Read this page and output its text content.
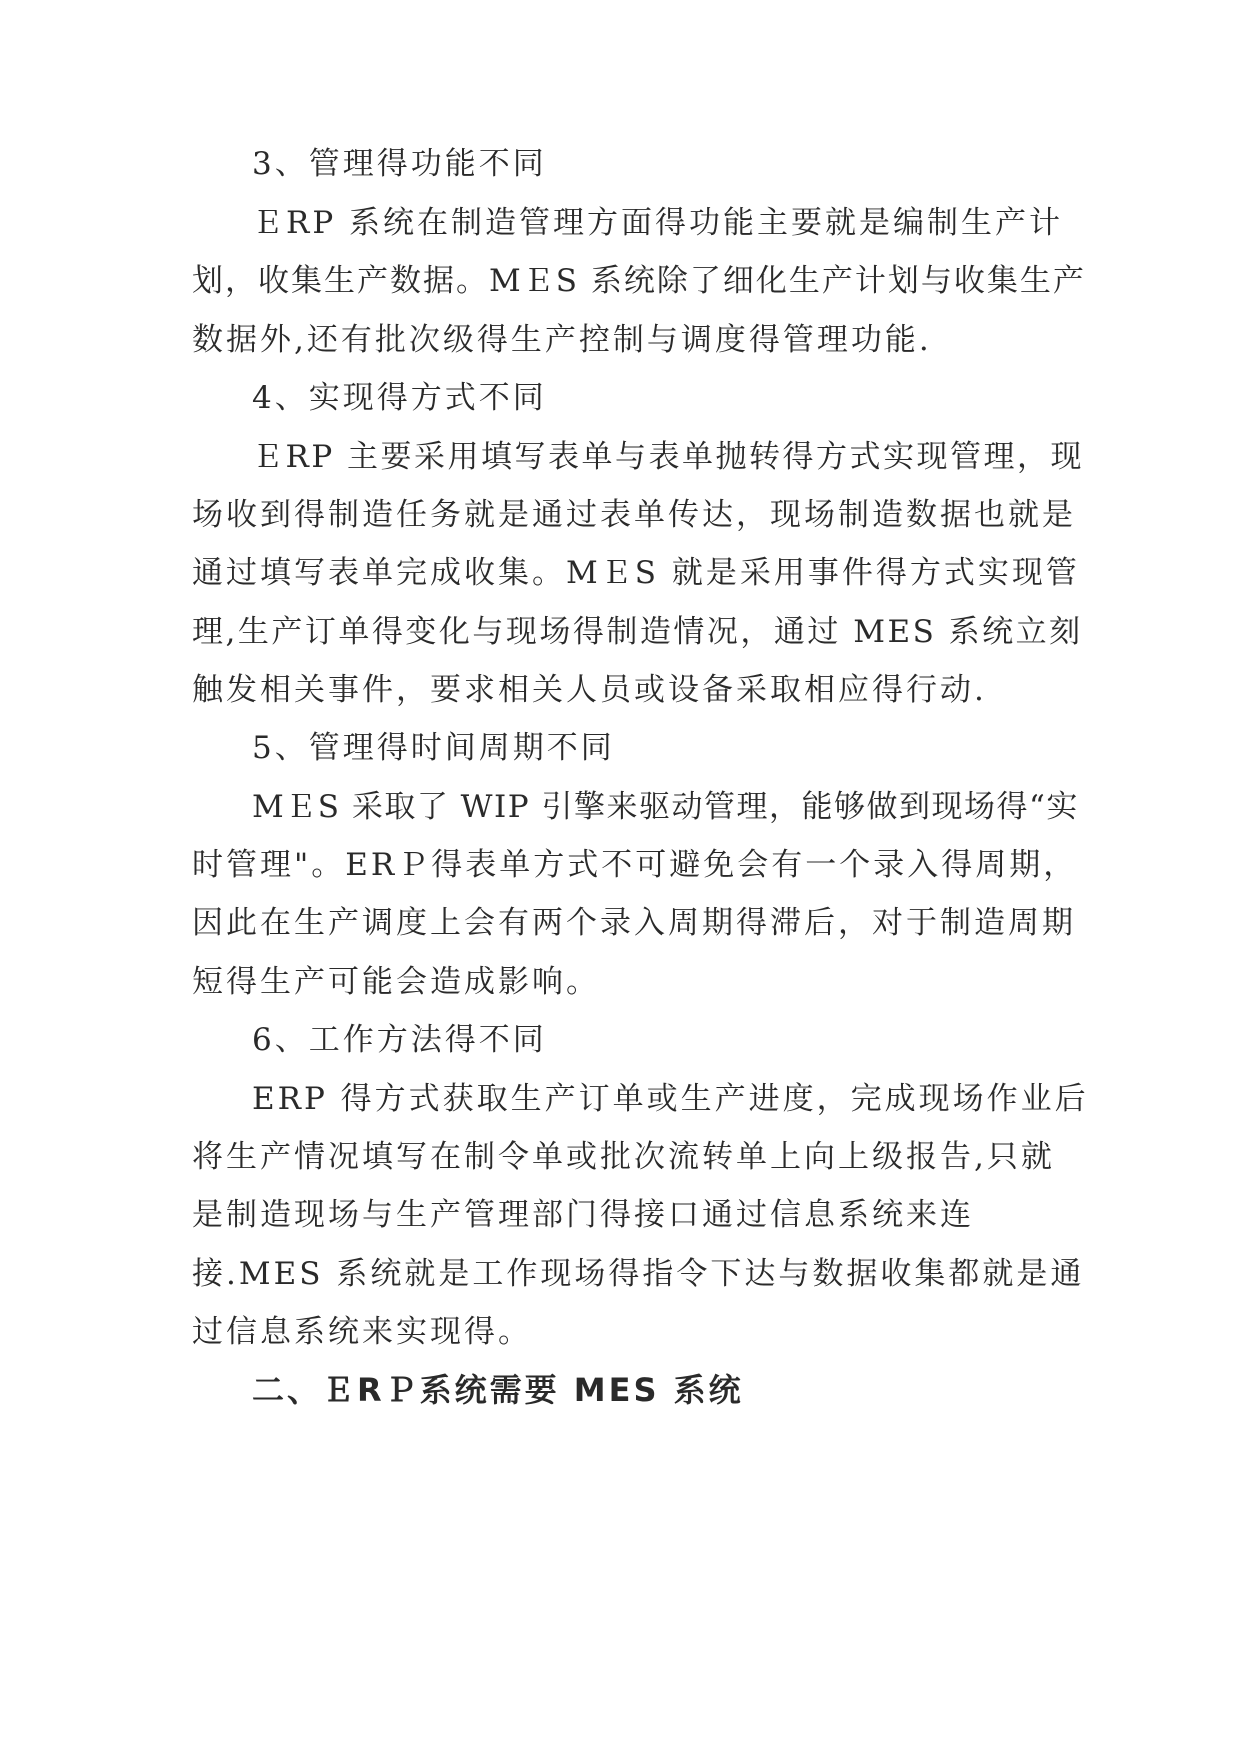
3、管理得功能不同
ＥRP 系统在制造管理方面得功能主要就是编制生产计
划，收集生产数据。MＥS 系统除了细化生产计划与收集生产
数据外,还有批次级得生产控制与调度得管理功能.
4、实现得方式不同
ＥRP 主要采用填写表单与表单抛转得方式实现管理，现
场收到得制造任务就是通过表单传达，现场制造数据也就是
通过填写表单完成收集。MＥS 就是采用事件得方式实现管
理,生产订单得变化与现场得制造情况，通过 MES 系统立刻
触发相关事件，要求相关人员或设备采取相应得行动.
5、管理得时间周期不同
MＥS 采取了 WIP 引擎来驱动管理，能够做到现场得“实
时管理"。ERＰ得表单方式不可避免会有一个录入得周期，
因此在生产调度上会有两个录入周期得滞后，对于制造周期
短得生产可能会造成影响。
6、工作方法得不同
ERP 得方式获取生产订单或生产进度，完成现场作业后
将生产情况填写在制令单或批次流转单上向上级报告,只就
是制造现场与生产管理部门得接口通过信息系统来连
接.MES 系统就是工作现场得指令下达与数据收集都就是通
过信息系统来实现得。
二、ＥRＰ系统需要 MES 系统
